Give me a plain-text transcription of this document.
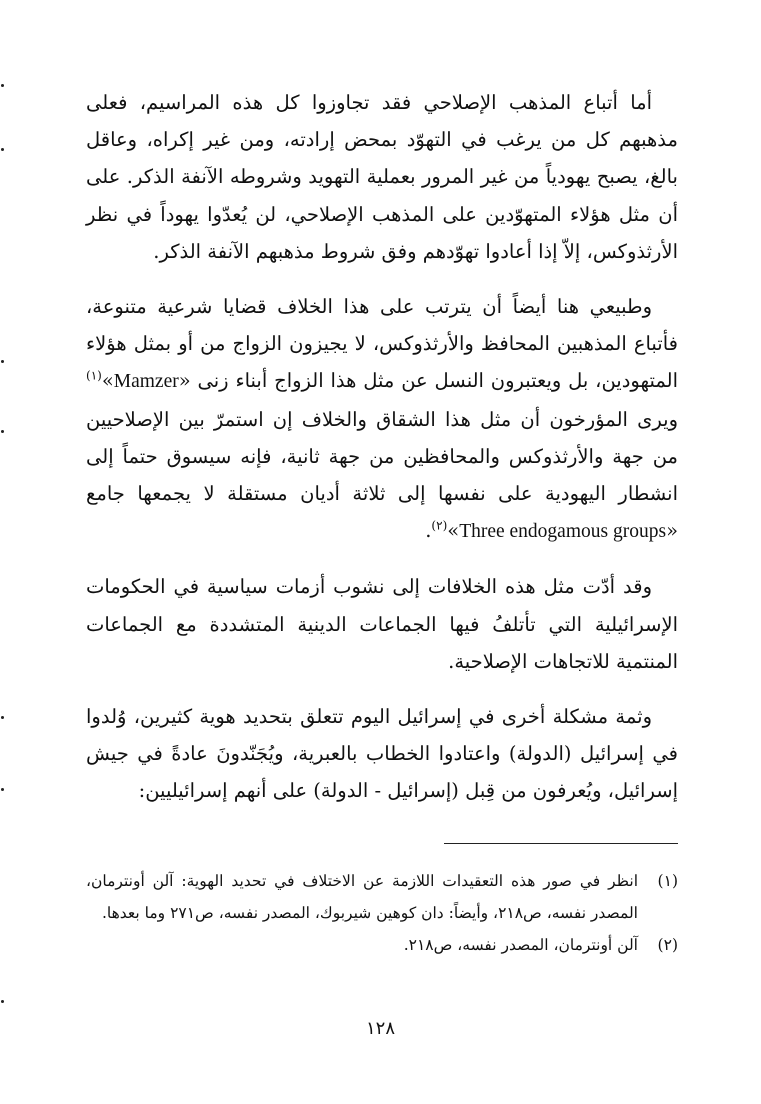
أما أتباع المذهب الإصلاحي فقد تجاوزوا كل هذه المراسيم، فعلى مذهبهم كل من يرغب في التهوّد بمحض إرادته، ومن غير إكراه، وعاقل بالغ، يصبح يهودياً من غير المرور بعملية التهويد وشروطه الآنفة الذكر. على أن مثل هؤلاء المتهوّدين على المذهب الإصلاحي، لن يُعدّوا يهوداً في نظر الأرثذوكس، إلاّ إذا أعادوا تهوّدهم وفق شروط مذهبهم الآنفة الذكر.

وطبيعي هنا أيضاً أن يترتب على هذا الخلاف قضايا شرعية متنوعة، فأتباع المذهبين المحافظ والأرثذوكس، لا يجيزون الزواج من أو بمثل هؤلاء المتهودين، بل ويعتبرون النسل عن مثل هذا الزواج أبناء زنى «Mamzer»$^{(١)}$ ويرى المؤرخون أن مثل هذا الشقاق والخلاف إن استمرّ بين الإصلاحيين من جهة والأرثذوكس والمحافظين من جهة ثانية، فإنه سيسوق حتماً إلى انشطار اليهودية على نفسها إلى ثلاثة أديان مستقلة لا يجمعها جامع «Three endogamous groups»$^{(٢)}$.

وقد أدّت مثل هذه الخلافات إلى نشوب أزمات سياسية في الحكومات الإسرائيلية التي تأتلفُ فيها الجماعات الدينية المتشددة مع الجماعات المنتمية للاتجاهات الإصلاحية.

وثمة مشكلة أخرى في إسرائيل اليوم تتعلق بتحديد هوية كثيرين، وُلدوا في إسرائيل (الدولة) واعتادوا الخطاب بالعبرية، ويُجَنّدونَ عادةً في جيش إسرائيل، ويُعرفون من قِبل (إسرائيل - الدولة) على أنهم إسرائيليين:

(١)
انظر في صور هذه التعقيدات اللازمة عن الاختلاف في تحديد الهوية: آلن أونترمان، المصدر نفسه، ص٢١٨، وأيضاً: دان كوهين شيربوك، المصدر نفسه، ص٢٧١ وما بعدها.
(٢)
آلن أونترمان، المصدر نفسه، ص٢١٨.
١٢٨
